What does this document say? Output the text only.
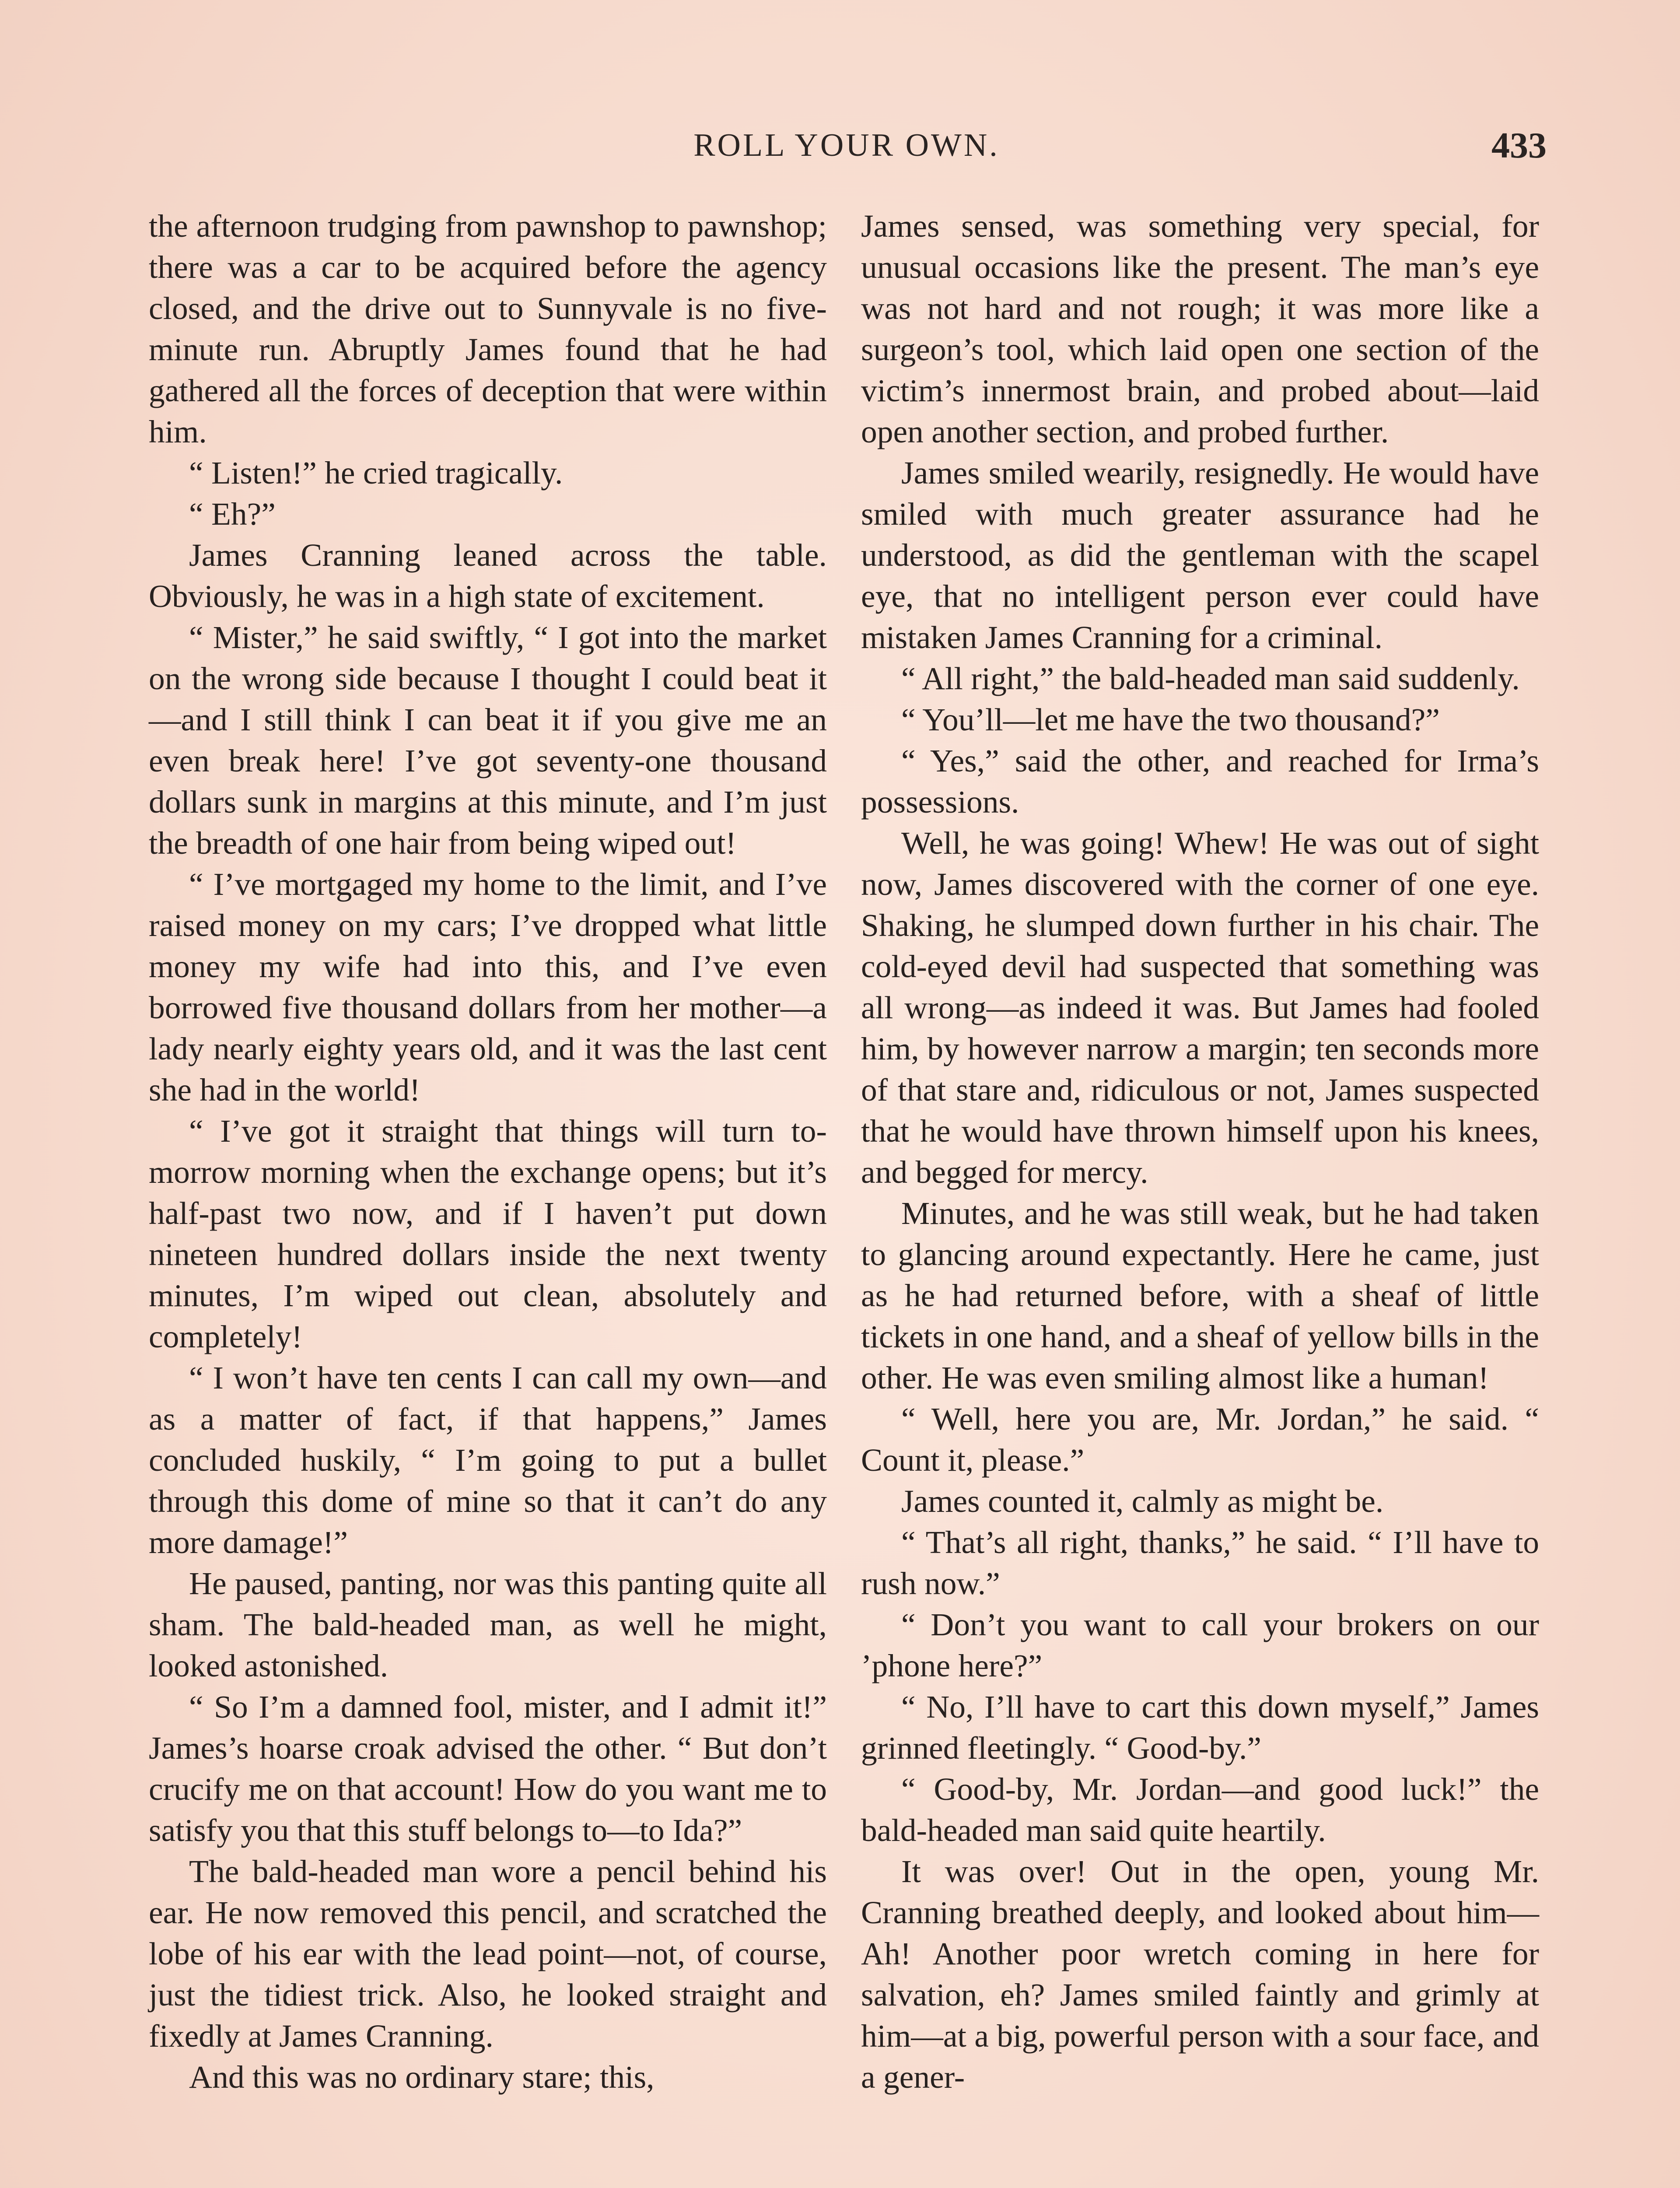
ROLL YOUR OWN.	433

the afternoon trudging from pawnshop to pawnshop; there was a car to be acquired before the agency closed, and the drive out to Sunnyvale is no five-minute run. Abruptly James found that he had gathered all the forces of deception that were within him.

“ Listen!” he cried tragically.

“ Eh?”

James Cranning leaned across the table. Obviously, he was in a high state of excitement.

“ Mister,” he said swiftly, “ I got into the market on the wrong side because I thought I could beat it—and I still think I can beat it if you give me an even break here! I’ve got seventy-one thousand dollars sunk in margins at this minute, and I’m just the breadth of one hair from being wiped out!

“ I’ve mortgaged my home to the limit, and I’ve raised money on my cars; I’ve dropped what little money my wife had into this, and I’ve even borrowed five thousand dollars from her mother—a lady nearly eighty years old, and it was the last cent she had in the world!

“ I’ve got it straight that things will turn to-morrow morning when the exchange opens; but it’s half-past two now, and if I haven’t put down nineteen hundred dollars inside the next twenty minutes, I’m wiped out clean, absolutely and completely!

“ I won’t have ten cents I can call my own—and as a matter of fact, if that happens,” James concluded huskily, “ I’m going to put a bullet through this dome of mine so that it can’t do any more damage!”

He paused, panting, nor was this panting quite all sham. The bald-headed man, as well he might, looked astonished.

“ So I’m a damned fool, mister, and I admit it!” James’s hoarse croak advised the other. “ But don’t crucify me on that account! How do you want me to satisfy you that this stuff belongs to—to Ida?”

The bald-headed man wore a pencil behind his ear. He now removed this pencil, and scratched the lobe of his ear with the lead point—not, of course, just the tidiest trick. Also, he looked straight and fixedly at James Cranning.

And this was no ordinary stare; this,

James sensed, was something very special, for unusual occasions like the present. The man’s eye was not hard and not rough; it was more like a surgeon’s tool, which laid open one section of the victim’s innermost brain, and probed about—laid open another section, and probed further.

James smiled wearily, resignedly. He would have smiled with much greater assurance had he understood, as did the gentleman with the scapel eye, that no intelligent person ever could have mistaken James Cranning for a criminal.

“ All right,” the bald-headed man said suddenly.

“ You’ll—let me have the two thousand?”

“ Yes,” said the other, and reached for Irma’s possessions.

Well, he was going! Whew! He was out of sight now, James discovered with the corner of one eye. Shaking, he slumped down further in his chair. The cold-eyed devil had suspected that something was all wrong—as indeed it was. But James had fooled him, by however narrow a margin; ten seconds more of that stare and, ridiculous or not, James suspected that he would have thrown himself upon his knees, and begged for mercy.

Minutes, and he was still weak, but he had taken to glancing around expectantly. Here he came, just as he had returned before, with a sheaf of little tickets in one hand, and a sheaf of yellow bills in the other. He was even smiling almost like a human!

“ Well, here you are, Mr. Jordan,” he said. “ Count it, please.”

James counted it, calmly as might be.

“ That’s all right, thanks,” he said. “ I’ll have to rush now.”

“ Don’t you want to call your brokers on our ’phone here?”

“ No, I’ll have to cart this down myself,” James grinned fleetingly. “ Good-by.”

“ Good-by, Mr. Jordan—and good luck!” the bald-headed man said quite heartily.

It was over! Out in the open, young Mr. Cranning breathed deeply, and looked about him— Ah! Another poor wretch coming in here for salvation, eh? James smiled faintly and grimly at him—at a big, powerful person with a sour face, and a gener-
